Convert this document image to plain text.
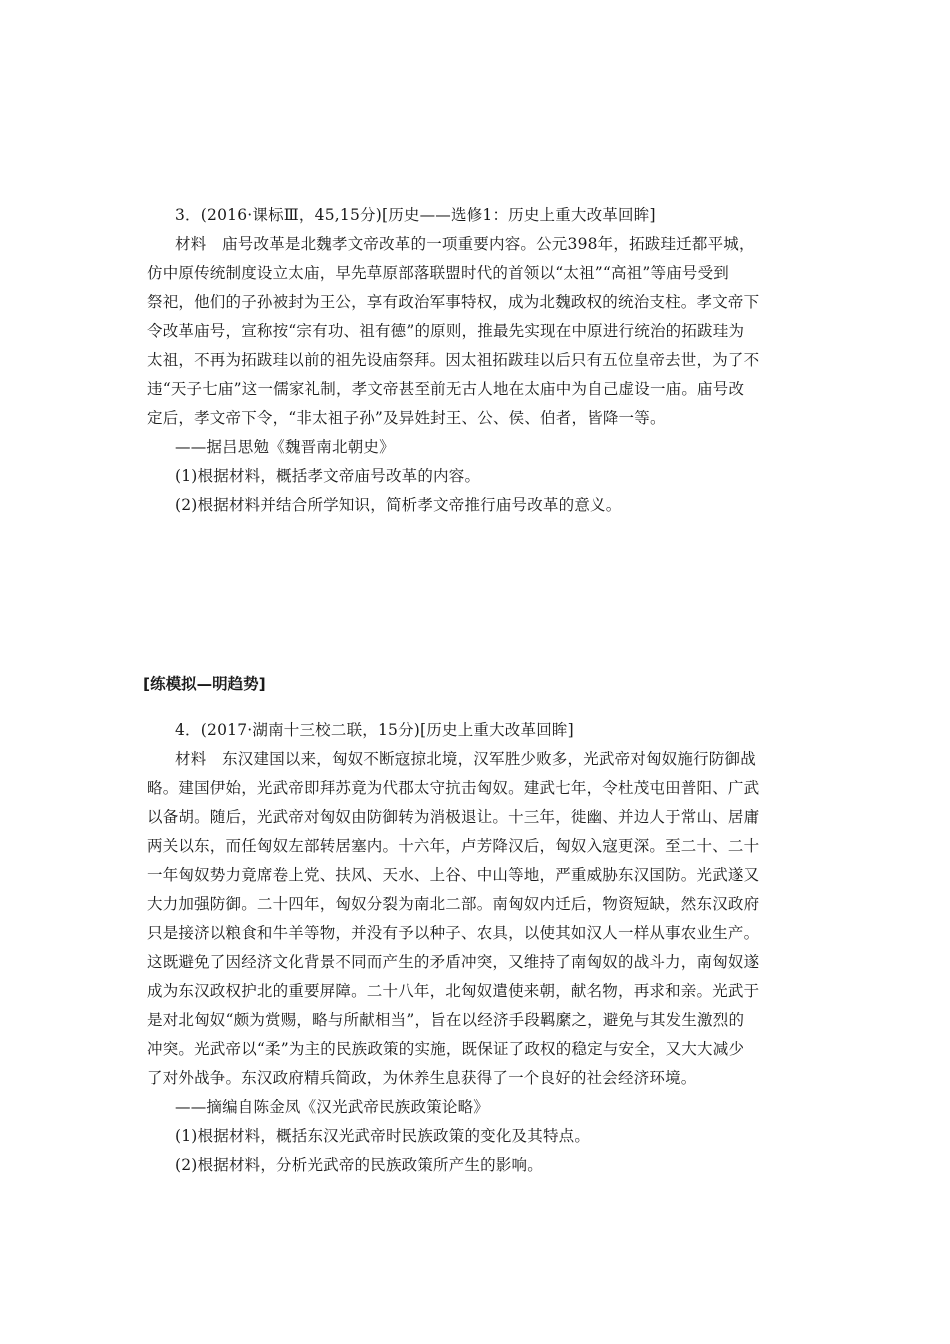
3．(2016·课标Ⅲ，45,15分)[历史——选修1：历史上重大改革回眸]
材料　庙号改革是北魏孝文帝改革的一项重要内容。公元398年，拓跋珪迁都平城，
仿中原传统制度设立太庙，早先草原部落联盟时代的首领以“太祖”“高祖”等庙号受到
祭祀，他们的子孙被封为王公，享有政治军事特权，成为北魏政权的统治支柱。孝文帝下
令改革庙号，宣称按“宗有功、祖有德”的原则，推最先实现在中原进行统治的拓跋珪为
太祖，不再为拓跋珪以前的祖先设庙祭拜。因太祖拓跋珪以后只有五位皇帝去世，为了不
违“天子七庙”这一儒家礼制，孝文帝甚至前无古人地在太庙中为自己虚设一庙。庙号改
定后，孝文帝下令，“非太祖子孙”及异姓封王、公、侯、伯者，皆降一等。
——据吕思勉《魏晋南北朝史》
(1)根据材料，概括孝文帝庙号改革的内容。
(2)根据材料并结合所学知识，简析孝文帝推行庙号改革的意义。
[练模拟—明趋势]
4．(2017·湖南十三校二联，15分)[历史上重大改革回眸]
材料　东汉建国以来，匈奴不断寇掠北境，汉军胜少败多，光武帝对匈奴施行防御战
略。建国伊始，光武帝即拜苏竟为代郡太守抗击匈奴。建武七年，令杜茂屯田普阳、广武
以备胡。随后，光武帝对匈奴由防御转为消极退让。十三年，徙幽、并边人于常山、居庸
两关以东，而任匈奴左部转居塞内。十六年，卢芳降汉后，匈奴入寇更深。至二十、二十
一年匈奴势力竟席卷上党、扶风、天水、上谷、中山等地，严重威胁东汉国防。光武遂又
大力加强防御。二十四年，匈奴分裂为南北二部。南匈奴内迁后，物资短缺，然东汉政府
只是接济以粮食和牛羊等物，并没有予以种子、农具，以使其如汉人一样从事农业生产。
这既避免了因经济文化背景不同而产生的矛盾冲突，又维持了南匈奴的战斗力，南匈奴遂
成为东汉政权护北的重要屏障。二十八年，北匈奴遣使来朝，献名物，再求和亲。光武于
是对北匈奴“颇为赏赐，略与所献相当”，旨在以经济手段羁縻之，避免与其发生激烈的
冲突。光武帝以“柔”为主的民族政策的实施，既保证了政权的稳定与安全，又大大减少
了对外战争。东汉政府精兵简政，为休养生息获得了一个良好的社会经济环境。
——摘编自陈金凤《汉光武帝民族政策论略》
(1)根据材料，概括东汉光武帝时民族政策的变化及其特点。
(2)根据材料，分析光武帝的民族政策所产生的影响。
